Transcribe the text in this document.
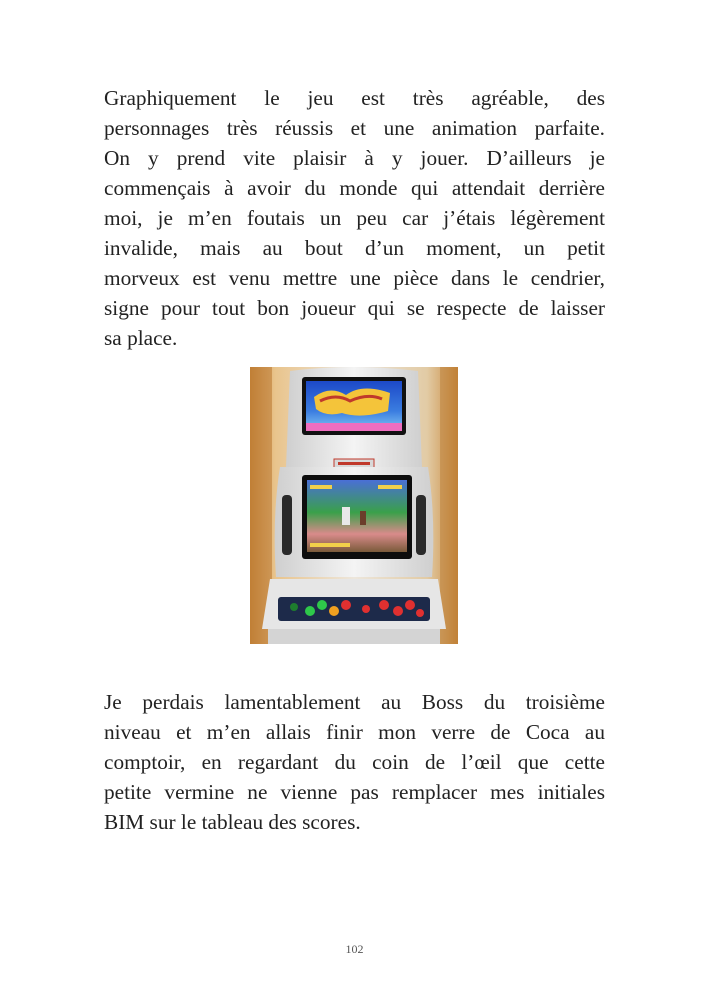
Graphiquement le jeu est très agréable, des
personnages très réussis et une animation parfaite.
On y prend vite plaisir à y jouer. D’ailleurs je
commençais à avoir du monde qui attendait derrière
moi, je m’en foutais un peu car j’étais légèrement
invalide, mais au bout d’un moment, un petit
morveux est venu mettre une pièce dans le cendrier,
signe pour tout bon joueur qui se respecte de laisser
sa place.
Je perdais lamentablement au Boss du troisième
niveau et m’en allais finir mon verre de Coca au
comptoir, en regardant du coin de l’œil que cette
petite vermine ne vienne pas remplacer mes initiales
BIM sur le tableau des scores.
102
